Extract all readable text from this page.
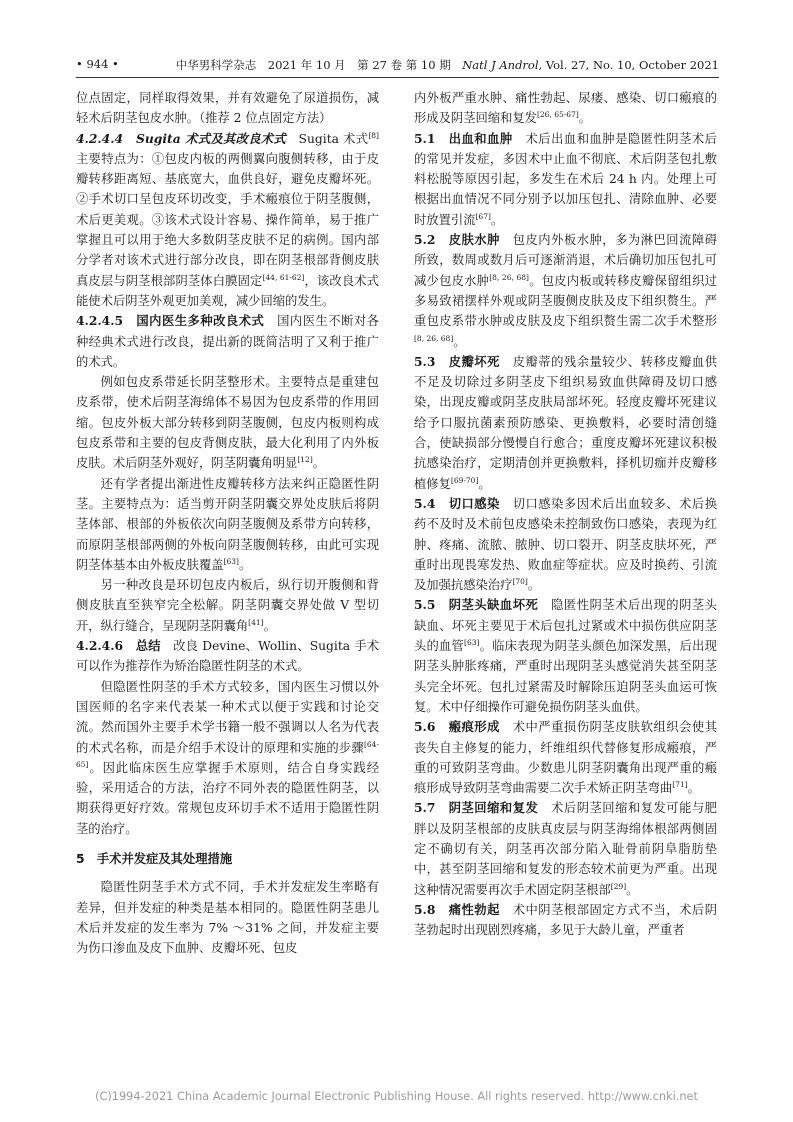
• 944 •	中华男科学杂志　 2021 年 10 月　 第 27 卷 第 10 期　 Natl J Androl, Vol. 27, No. 10, October 2021

位点固定，同样取得效果，并有效避免了尿道损伤，减轻术后阴茎包皮水肿。（推荐 2 位点固定方法）

4.2.4.4　Sugita 术式及其改良术式　Sugita 术式[8] 主要特点为：①包皮内板的两侧翼向腹侧转移，由于皮瓣转移距离短、基底宽大，血供良好，避免皮瓣坏死。②手术切口呈包皮环切改变，手术瘢痕位于阴茎腹侧，术后更美观。③该术式设计容易、操作简单，易于推广掌握且可以用于绝大多数阴茎皮肤不足的病例。国内部分学者对该术式进行部分改良，即在阴茎根部背侧皮肤真皮层与阴茎根部阴茎体白膜固定[44, 61-62]，该改良术式能使术后阴茎外观更加美观，减少回缩的发生。

4.2.4.5　国内医生多种改良术式　国内医生不断对各种经典术式进行改良，提出新的既简洁明了又利于推广的术式。

例如包皮系带延长阴茎整形术。主要特点是重建包皮系带，使术后阴茎海绵体不易因为包皮系带的作用回缩。包皮外板大部分转移到阴茎腹侧，包皮内板则构成包皮系带和主要的包皮背侧皮肤，最大化利用了内外板皮肤。术后阴茎外观好，阴茎阴囊角明显[12]。

还有学者提出渐进性皮瓣转移方法来纠正隐匿性阴茎。主要特点为：适当剪开阴茎阴囊交界处皮肤后将阴茎体部、根部的外板依次向阴茎腹侧及系带方向转移，而原阴茎根部两侧的外板向阴茎腹侧转移，由此可实现阴茎体基本由外板皮肤覆盖[63]。

另一种改良是环切包皮内板后，纵行切开腹侧和背侧皮肤直至狭窄完全松解。阴茎阴囊交界处做 V 型切开，纵行缝合，呈现阴茎阴囊角[41]。

4.2.4.6　总结　改良 Devine、Wollin、Sugita 手术可以作为推荐作为矫治隐匿性阴茎的术式。

但隐匿性阴茎的手术方式较多，国内医生习惯以外国医师的名字来代表某一种术式以便于实践和讨论交流。然而国外主要手术学书籍一般不强调以人名为代表的术式名称，而是介绍手术设计的原理和实施的步骤[64-65]。因此临床医生应掌握手术原则，结合自身实践经验，采用适合的方法，治疗不同外表的隐匿性阴茎，以期获得更好疗效。常规包皮环切手术不适用于隐匿性阴茎的治疗。

5　手术并发症及其处理措施

隐匿性阴茎手术方式不同，手术并发症发生率略有差异，但并发症的种类是基本相同的。隐匿性阴茎患儿术后并发症的发生率为 7% ～31% 之间，并发症主要为伤口渗血及皮下血肿、皮瓣坏死、包皮

内外板严重水肿、痛性勃起、尿瘘、感染、切口瘢痕的形成及阴茎回缩和复发[26, 65-67]。

5.1　出血和血肿　术后出血和血肿是隐匿性阴茎术后的常见并发症，多因术中止血不彻底、术后阴茎包扎敷料松脱等原因引起，多发生在术后 24 h 内。处理上可根据出血情况不同分别予以加压包扎、清除血肿、必要时放置引流[67]。

5.2　皮肤水肿　包皮内外板水肿，多为淋巴回流障碍所致，数周或数月后可逐渐消退，术后确切加压包扎可减少包皮水肿[8, 26, 68]。包皮内板或转移皮瓣保留组织过多易致裙摆样外观或阴茎腹侧皮肤及皮下组织赘生。严重包皮系带水肿或皮肤及皮下组织赘生需二次手术整形[8, 26, 68]。

5.3　皮瓣坏死　皮瓣蒂的残余量较少、转移皮瓣血供不足及切除过多阴茎皮下组织易致血供障碍及切口感染，出现皮瓣或阴茎皮肤局部坏死。轻度皮瓣坏死建议给予口服抗菌素预防感染、更换敷料，必要时清创缝合，使缺损部分慢慢自行愈合；重度皮瓣坏死建议积极抗感染治疗，定期清创并更换敷料，择机切痂并皮瓣移植修复[69-70]。

5.4　切口感染　切口感染多因术后出血较多、术后换药不及时及术前包皮感染未控制致伤口感染，表现为红肿、疼痛、流脓、脓肿、切口裂开、阴茎皮肤坏死，严重时出现畏寒发热、败血症等症状。应及时换药、引流及加强抗感染治疗[70]。

5.5　阴茎头缺血坏死　隐匿性阴茎术后出现的阴茎头缺血、坏死主要见于术后包扎过紧或术中损伤供应阴茎头的血管[63]。临床表现为阴茎头颜色加深发黑，后出现阴茎头肿胀疼痛，严重时出现阴茎头感觉消失甚至阴茎头完全坏死。包扎过紧需及时解除压迫阴茎头血运可恢复。术中仔细操作可避免损伤阴茎头血供。

5.6　瘢痕形成　术中严重损伤阴茎皮肤软组织会使其丧失自主修复的能力，纤维组织代替修复形成瘢痕，严重的可致阴茎弯曲。少数患儿阴茎阴囊角出现严重的瘢痕形成导致阴茎弯曲需要二次手术矫正阴茎弯曲[71]。

5.7　阴茎回缩和复发　术后阴茎回缩和复发可能与肥胖以及阴茎根部的皮肤真皮层与阴茎海绵体根部两侧固定不确切有关，阴茎再次部分陷入耻骨前阴阜脂肪垫中，甚至阴茎回缩和复发的形态较术前更为严重。出现这种情况需要再次手术固定阴茎根部[29]。

5.8　痛性勃起　术中阴茎根部固定方式不当，术后阴茎勃起时出现剧烈疼痛，多见于大龄儿童，严重者

(C)1994-2021 China Academic Journal Electronic Publishing House. All rights reserved. http://www.cnki.net
